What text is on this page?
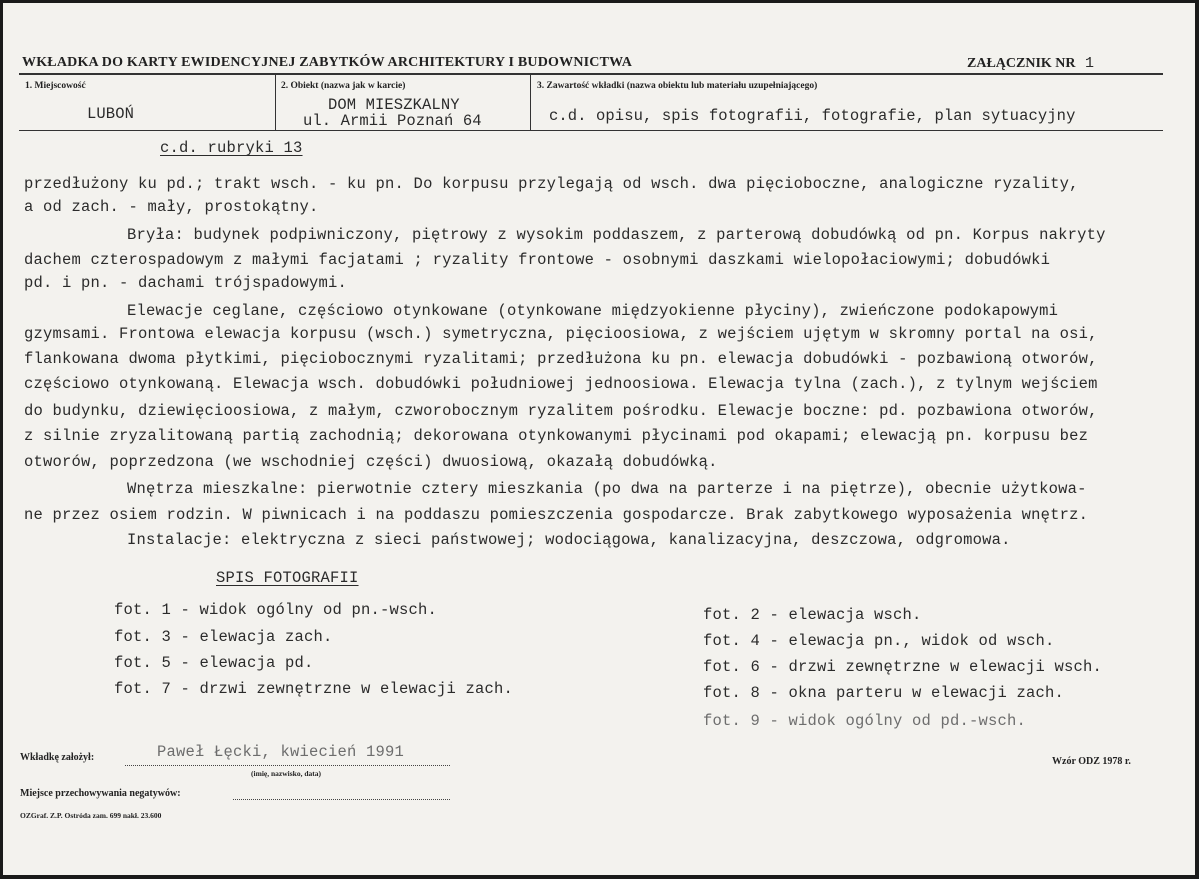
WKŁADKA DO KARTY EWIDENCYJNEJ ZABYTKÓW ARCHITEKTURY I BUDOWNICTWA	ZAŁĄCZNIK NR 1
1. Miejscowość
LUBOŃ
2. Obiekt (nazwa jak w karcie)
DOM MIESZKALNY
ul. Armii Poznań 64
3. Zawartość wkładki (nazwa obiektu lub materiału uzupełniającego)
c.d. opisu, spis fotografii, fotografie, plan sytuacyjny
c.d. rubryki 13
przedłużony ku pd.; trakt wsch. - ku pn. Do korpusu przylegają od wsch. dwa pięcioboczne, analogiczne ryzality,
a od zach. - mały, prostokątny.
Bryła: budynek podpiwniczony, piętrowy z wysokim poddaszem, z parterową dobudówką od pn. Korpus nakryty
dachem czterospadowym z małymi facjatami ; ryzality frontowe - osobnymi daszkami wielopołaciowymi; dobudówki
pd. i pn. - dachami trójspadowymi.
Elewacje ceglane, częściowo otynkowane (otynkowane międzyokienne płyciny), zwieńczone podokapowymi
gzymsami. Frontowa elewacja korpusu (wsch.) symetryczna, pięcioosiowa, z wejściem ujętym w skromny portal na osi,
flankowana dwoma płytkimi, pięciobocznymi ryzalitami; przedłużona ku pn. elewacja dobudówki - pozbawioną otworów,
częściowo otynkowaną. Elewacja wsch. dobudówki południowej jednoosiowa. Elewacja tylna (zach.), z tylnym wejściem
do budynku, dziewięcioosiowa, z małym, czworobocznym ryzalitem pośrodku. Elewacje boczne: pd. pozbawiona otworów,
z silnie zryzalitowaną partią zachodnią; dekorowana otynkowanymi płycinami pod okapami; elewacją pn. korpusu bez
otworów, poprzedzona (we wschodniej części) dwuosiową, okazałą dobudówką.
Wnętrza mieszkalne: pierwotnie cztery mieszkania (po dwa na parterze i na piętrze), obecnie użytkowa-
ne przez osiem rodzin. W piwnicach i na poddaszu pomieszczenia gospodarcze. Brak zabytkowego wyposażenia wnętrz.
Instalacje: elektryczna z sieci państwowej; wodociągowa, kanalizacyjna, deszczowa, odgromowa.
SPIS FOTOGRAFII
fot. 1 - widok ogólny od pn.-wsch.
fot. 3 - elewacja zach.
fot. 5 - elewacja pd.
fot. 7 - drzwi zewnętrzne w elewacji zach.
fot. 2 - elewacja wsch.
fot. 4 - elewacja pn., widok od wsch.
fot. 6 - drzwi zewnętrzne w elewacji wsch.
fot. 8 - okna parteru w elewacji zach.
fot. 9 - widok ogólny od pd.-wsch.
Wkładkę założył:	Paweł Łęcki, kwiecień 1991
(imię, nazwisko, data)
Wzór ODZ 1978 r.
Miejsce przechowywania negatywów:
OZGraf. Z.P. Ostróda zam. 699 nakł. 23.600
